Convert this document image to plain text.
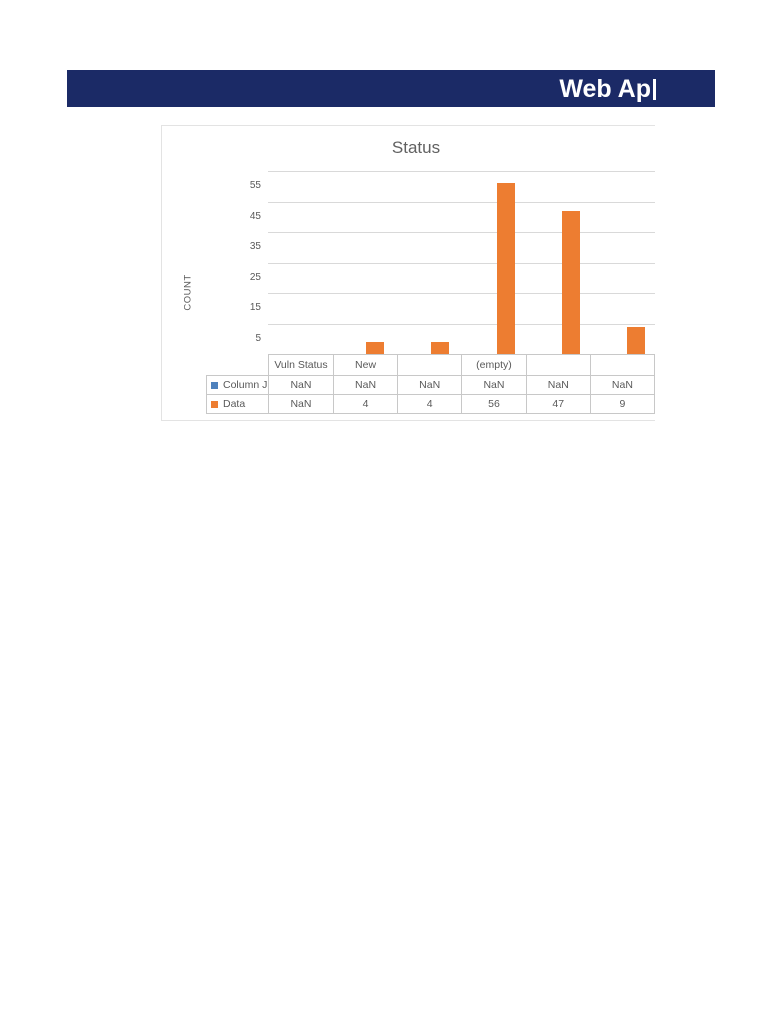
Web Ap
Status
COUNT
5
15
25
35
45
55
	Vuln Status	New		(empty)		
Column J	NaN	NaN	NaN	NaN	NaN	NaN
Data	NaN	4	4	56	47	9
